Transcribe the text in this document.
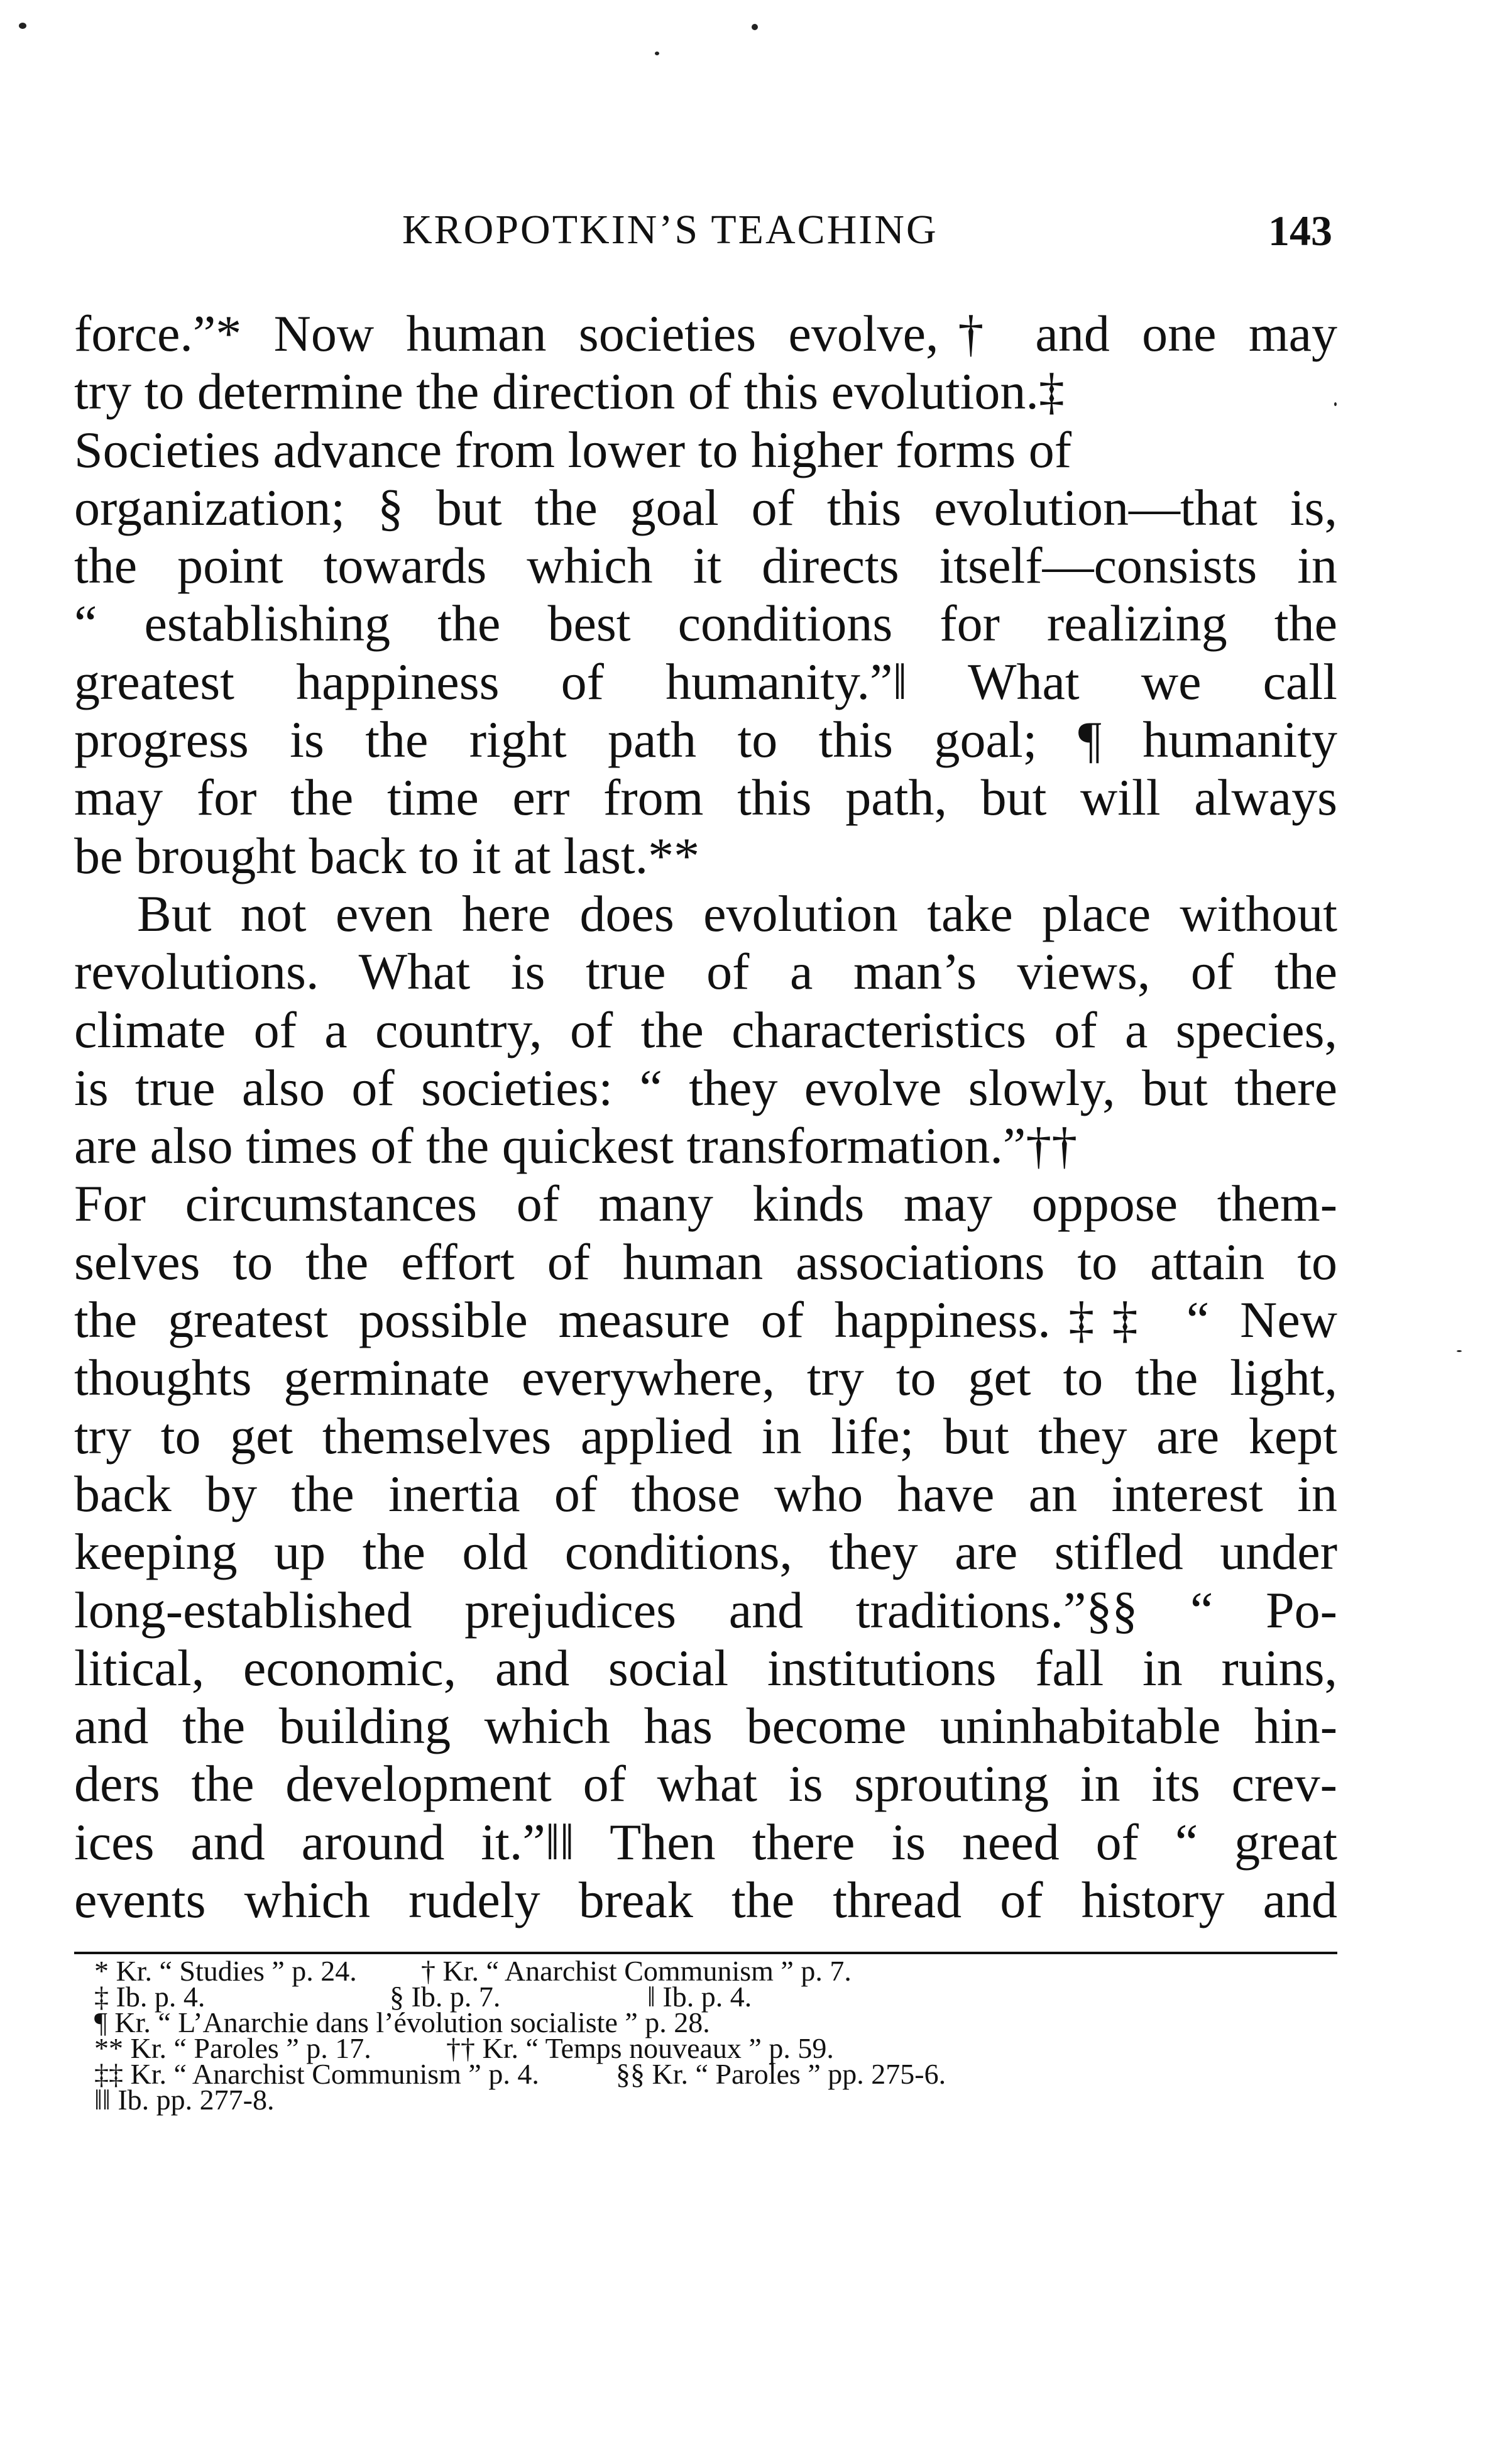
KROPOTKIN’S TEACHING	143
force.”* Now human societies evolve,† and one may
try to determine the direction of this evolution.‡
Societies advance from lower to higher forms of
organization; § but the goal of this evolution—that is,
the point towards which it directs itself—consists in
“ establishing the best conditions for realizing the
greatest happiness of humanity.”‖ What we call
progress is the right path to this goal; ¶ humanity
may for the time err from this path, but will always
be brought back to it at last.**
But not even here does evolution take place without
revolutions. What is true of a man’s views, of the
climate of a country, of the characteristics of a species,
is true also of societies: “ they evolve slowly, but there
are also times of the quickest transformation.”††
For circumstances of many kinds may oppose them-
selves to the effort of human associations to attain to
the greatest possible measure of happiness.‡‡ “ New
thoughts germinate everywhere, try to get to the light,
try to get themselves applied in life; but they are kept
back by the inertia of those who have an interest in
keeping up the old conditions, they are stifled under
long-established prejudices and traditions.”§§ “ Po-
litical, economic, and social institutions fall in ruins,
and the building which has become uninhabitable hin-
ders the development of what is sprouting in its crev-
ices and around it.”‖‖ Then there is need of “ great
events which rudely break the thread of history and
* Kr. “ Studies ” p. 24. † Kr. “ Anarchist Communism ” p. 7.
‡ Ib. p. 4.	§ Ib. p. 7.	‖ Ib. p. 4.
¶ Kr. “ L’Anarchie dans l’évolution socialiste ” p. 28.
** Kr. “ Paroles ” p. 17.	†† Kr. “ Temps nouveaux ” p. 59.
‡‡ Kr. “ Anarchist Communism ” p. 4.	§§ Kr. “ Paroles ” pp. 275-6.
‖‖ Ib. pp. 277-8.
